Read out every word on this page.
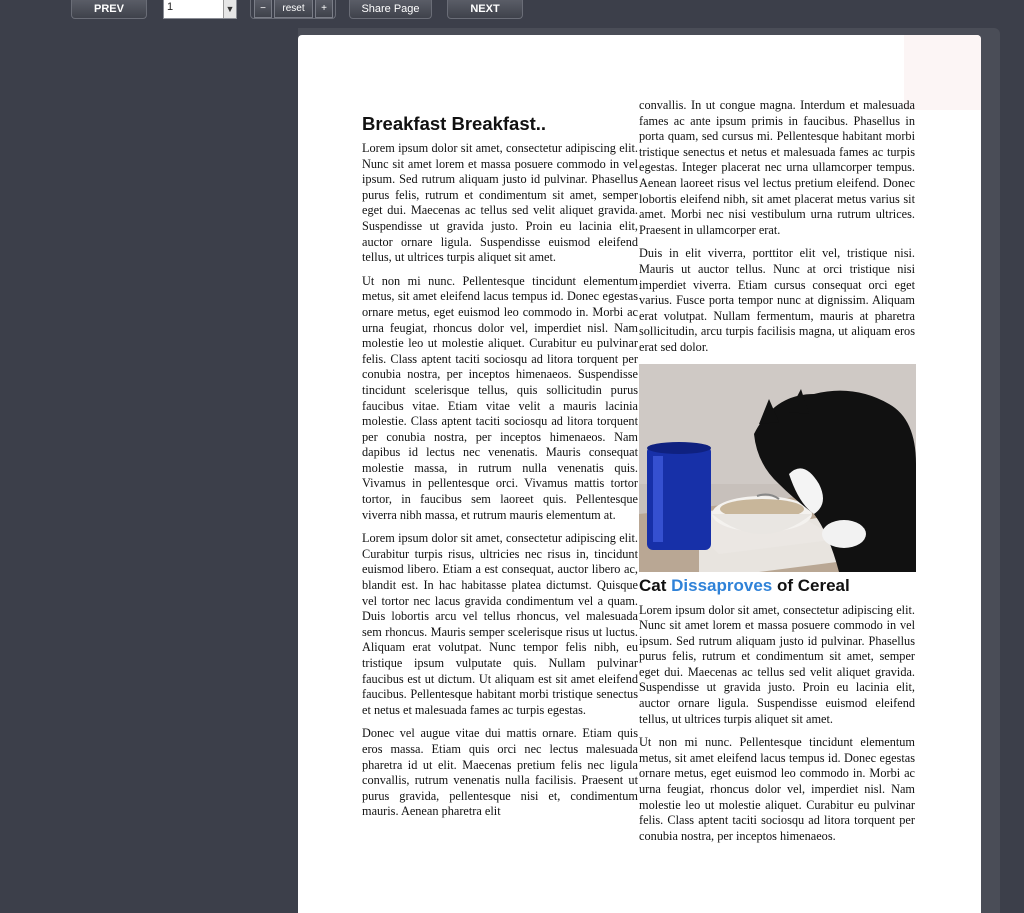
PREV	1	▼	−	reset	+	Share Page	NEXT
Breakfast Breakfast..

Lorem ipsum dolor sit amet, consectetur adipiscing elit. Nunc sit amet lorem et massa posuere commodo in vel ipsum. Sed rutrum aliquam justo id pulvinar. Phasellus purus felis, rutrum et condimentum sit amet, semper eget dui. Maecenas ac tellus sed velit aliquet gravida. Suspendisse ut gravida justo. Proin eu lacinia elit, auctor ornare ligula. Suspendisse euismod eleifend tellus, ut ultrices turpis aliquet sit amet.

Ut non mi nunc. Pellentesque tincidunt elementum metus, sit amet eleifend lacus tempus id. Donec egestas ornare metus, eget euismod leo commodo in. Morbi ac urna feugiat, rhoncus dolor vel, imperdiet nisl. Nam molestie leo ut molestie aliquet. Curabitur eu pulvinar felis. Class aptent taciti sociosqu ad litora torquent per conubia nostra, per inceptos himenaeos. Suspendisse tincidunt scelerisque tellus, quis sollicitudin purus faucibus vitae. Etiam vitae velit a mauris lacinia molestie. Class aptent taciti sociosqu ad litora torquent per conubia nostra, per inceptos himenaeos. Nam dapibus id lectus nec venenatis. Mauris consequat molestie massa, in rutrum nulla venenatis quis. Vivamus in pellentesque orci. Vivamus mattis tortor tortor, in faucibus sem laoreet quis. Pellentesque viverra nibh massa, et rutrum mauris elementum at.

Lorem ipsum dolor sit amet, consectetur adipiscing elit. Curabitur turpis risus, ultricies nec risus in, tincidunt euismod libero. Etiam a est consequat, auctor libero ac, blandit est. In hac habitasse platea dictumst. Quisque vel tortor nec lacus gravida condimentum vel a quam. Duis lobortis arcu vel tellus rhoncus, vel malesuada sem rhoncus. Mauris semper scelerisque risus ut luctus. Aliquam erat volutpat. Nunc tempor felis nibh, eu tristique ipsum vulputate quis. Nullam pulvinar faucibus est ut dictum. Ut aliquam est sit amet eleifend faucibus. Pellentesque habitant morbi tristique senectus et netus et malesuada fames ac turpis egestas.

Donec vel augue vitae dui mattis ornare. Etiam quis eros massa. Etiam quis orci nec lectus malesuada pharetra id ut elit. Maecenas pretium felis nec ligula convallis, rutrum venenatis nulla facilisis. Praesent ut purus gravida, pellentesque nisi et, condimentum mauris. Aenean pharetra elit

convallis. In ut congue magna. Interdum et malesuada fames ac ante ipsum primis in faucibus. Phasellus in porta quam, sed cursus mi. Pellentesque habitant morbi tristique senectus et netus et malesuada fames ac turpis egestas. Integer placerat nec urna ullamcorper tempus. Aenean laoreet risus vel lectus pretium eleifend. Donec lobortis eleifend nibh, sit amet placerat metus varius sit amet. Morbi nec nisi vestibulum urna rutrum ultrices. Praesent in ullamcorper erat.

Duis in elit viverra, porttitor elit vel, tristique nisi. Mauris ut auctor tellus. Nunc at orci tristique nisi imperdiet viverra. Etiam cursus consequat orci eget varius. Fusce porta tempor nunc at dignissim. Aliquam erat volutpat. Nullam fermentum, mauris at pharetra sollicitudin, arcu turpis facilisis magna, ut aliquam eros erat sed dolor.

Cat Dissaproves of Cereal

Lorem ipsum dolor sit amet, consectetur adipiscing elit. Nunc sit amet lorem et massa posuere commodo in vel ipsum. Sed rutrum aliquam justo id pulvinar. Phasellus purus felis, rutrum et condimentum sit amet, semper eget dui. Maecenas ac tellus sed velit aliquet gravida. Suspendisse ut gravida justo. Proin eu lacinia elit, auctor ornare ligula. Suspendisse euismod eleifend tellus, ut ultrices turpis aliquet sit amet.

Ut non mi nunc. Pellentesque tincidunt elementum metus, sit amet eleifend lacus tempus id. Donec egestas ornare metus, eget euismod leo commodo in. Morbi ac urna feugiat, rhoncus dolor vel, imperdiet nisl. Nam molestie leo ut molestie aliquet. Curabitur eu pulvinar felis. Class aptent taciti sociosqu ad litora torquent per conubia nostra, per inceptos himenaeos.
